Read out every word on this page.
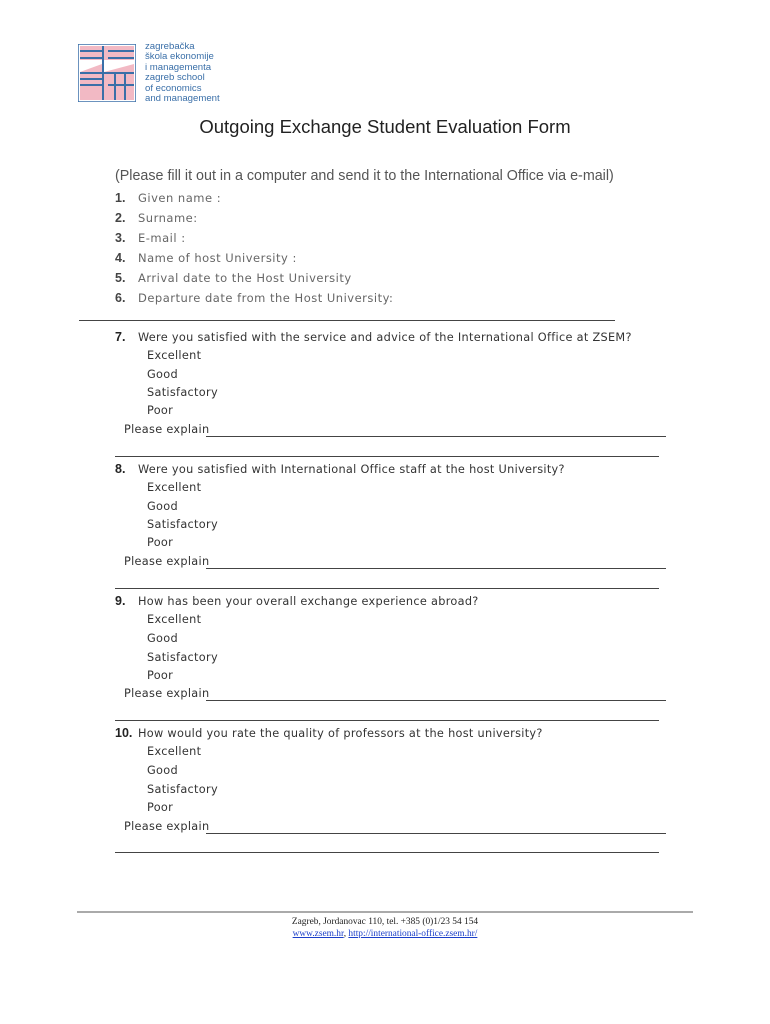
zagrebačka
škola ekonomije
i managementa
zagreb school
of economics
and management
Outgoing Exchange Student Evaluation Form
(Please fill it out in a computer and send it to the International Office via e-mail)
1. Given name :
2. Surname:
3. E-mail :
4. Name of host University :
5. Arrival date to the Host University
6. Departure date from the Host University:
7. Were you satisfied with the service and advice of the International Office at ZSEM?
Excellent
Good
Satisfactory
Poor
Please explain
8. Were you satisfied with International Office staff at the host University?
Excellent
Good
Satisfactory
Poor
Please explain
9. How has been your overall exchange experience abroad?
Excellent
Good
Satisfactory
Poor
Please explain
10. How would you rate the quality of professors at the host university?
Excellent
Good
Satisfactory
Poor
Please explain
Zagreb, Jordanovac 110, tel. +385 (0)1/23 54 154
www.zsem.hr, http://international-office.zsem.hr/
